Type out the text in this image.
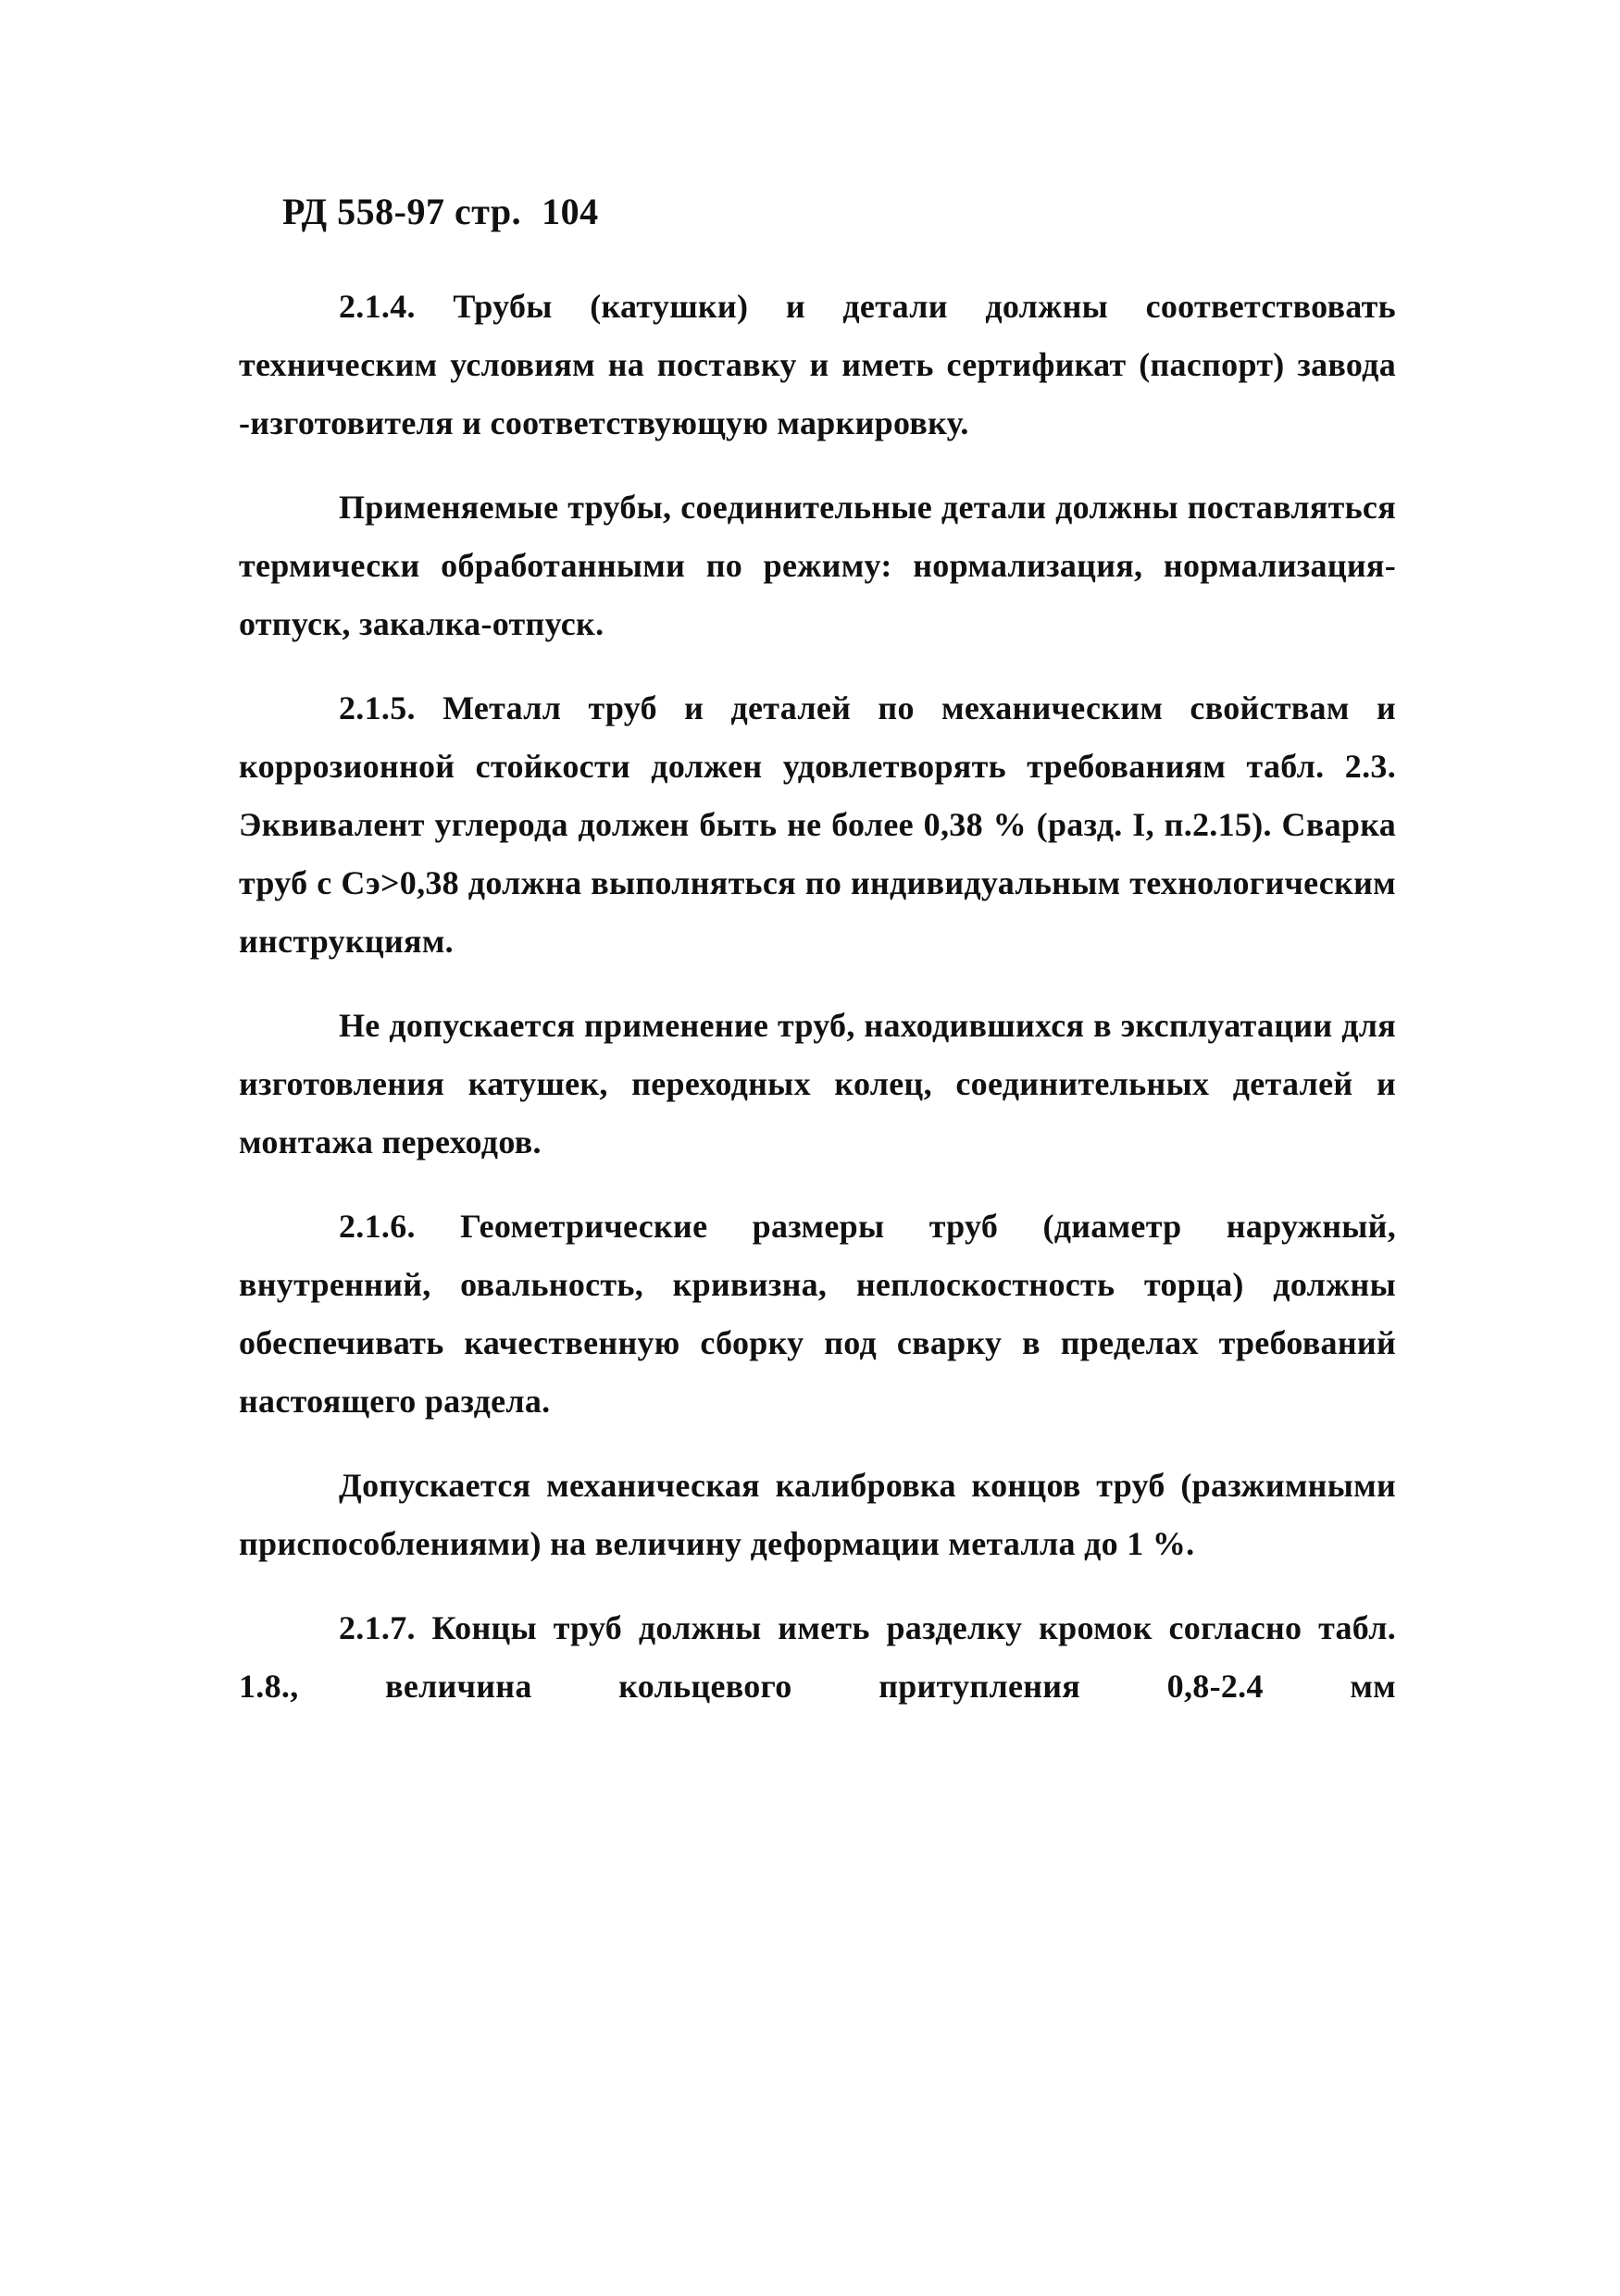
РД 558-97 стр. 104

2.1.4. Трубы (катушки) и детали должны соответствовать техническим условиям на поставку и иметь сертификат (паспорт) завода -изготовителя и соответствующую маркировку.

Применяемые трубы, соединительные детали должны поставляться термически обработанными по режиму: нормализация, нормализация-отпуск, закалка-отпуск.

2.1.5. Металл труб и деталей по механическим свойствам и коррозионной стойкости должен удовлетворять требованиям табл. 2.3. Эквивалент углерода должен быть не более 0,38 % (разд. I, п.2.15). Сварка труб с Сэ>0,38 должна выполняться по индивидуальным технологическим инструкциям.

Не допускается применение труб, находившихся в эксплуатации для изготовления катушек, переходных колец, соединительных деталей и монтажа переходов.

2.1.6. Геометрические размеры труб (диаметр наружный, внутренний, овальность, кривизна, неплоскостность торца) должны обеспечивать качественную сборку под сварку в пределах требований настоящего раздела.

Допускается механическая калибровка концов труб (разжимными приспособлениями) на величину деформации металла до 1 %.

2.1.7. Концы труб должны иметь разделку кромок согласно табл. 1.8., величина кольцевого притупления 0,8-2.4 мм
